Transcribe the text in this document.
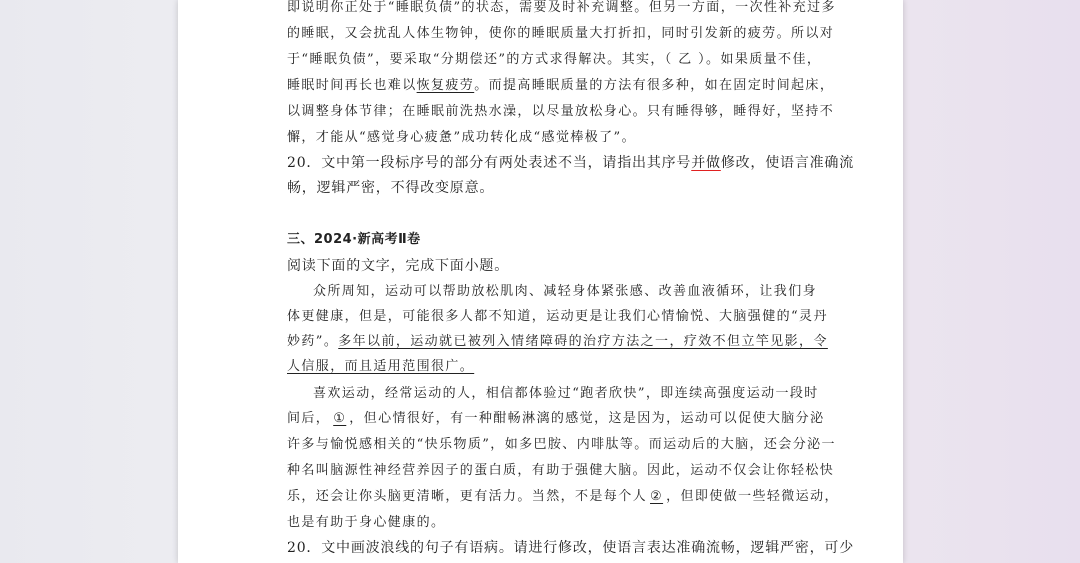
即说明你正处于“睡眠负债”的状态，需要及时补充调整。但另一方面，一次性补充过多
的睡眠，又会扰乱人体生物钟，使你的睡眠质量大打折扣，同时引发新的疲劳。所以对
于“睡眠负债”，要采取“分期偿还”的方式求得解决。其实，（ 乙 ）。如果质量不佳，
睡眠时间再长也难以恢复疲劳。而提高睡眠质量的方法有很多种，如在固定时间起床，
以调整身体节律；在睡眠前洗热水澡，以尽量放松身心。只有睡得够，睡得好，坚持不
懈，才能从“感觉身心疲惫”成功转化成“感觉棒极了”。
20．文中第一段标序号的部分有两处表述不当，请指出其序号并做修改，使语言准确流
畅，逻辑严密，不得改变原意。
三、2024·新高考Ⅱ卷
阅读下面的文字，完成下面小题。
众所周知，运动可以帮助放松肌肉、减轻身体紧张感、改善血液循环，让我们身
体更健康，但是，可能很多人都不知道，运动更是让我们心情愉悦、大脑强健的“灵丹
妙药”。多年以前，运动就已被列入情绪障碍的治疗方法之一，疗效不但立竿见影，令
人信服，而且适用范围很广。
喜欢运动，经常运动的人，相信都体验过“跑者欣快”，即连续高强度运动一段时
间后， ① ，但心情很好，有一种酣畅淋漓的感觉，这是因为，运动可以促使大脑分泌
许多与愉悦感相关的“快乐物质”，如多巴胺、内啡肽等。而运动后的大脑，还会分泌一
种名叫脑源性神经营养因子的蛋白质，有助于强健大脑。因此，运动不仅会让你轻松快
乐，还会让你头脑更清晰，更有活力。当然，不是每个人 ② ，但即使做一些轻微运动，
也是有助于身心健康的。
20．文中画波浪线的句子有语病。请进行修改，使语言表达准确流畅，逻辑严密，可少
